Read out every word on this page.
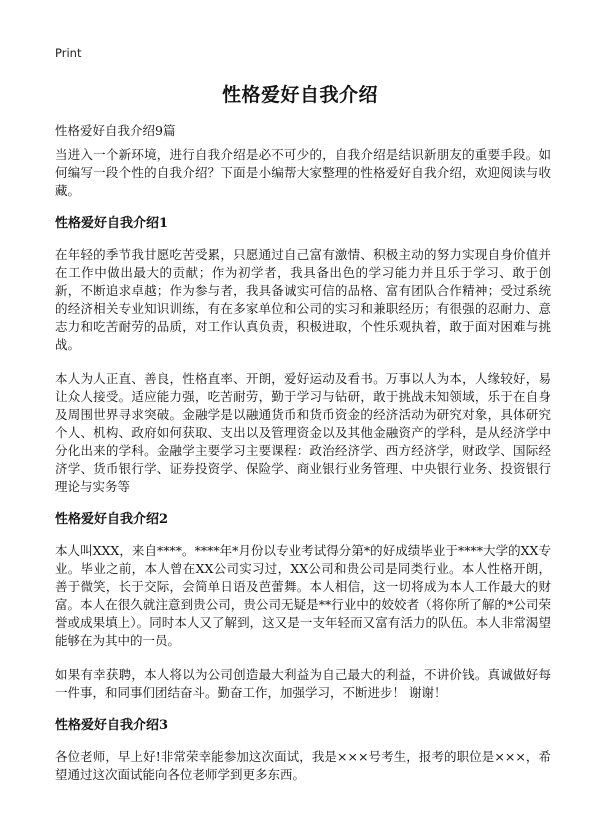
Print
性格爱好自我介绍
性格爱好自我介绍9篇

当进入一个新环境，进行自我介绍是必不可少的，自我介绍是结识新朋友的重要手段。如何编写一段个性的自我介绍？下面是小编帮大家整理的性格爱好自我介绍，欢迎阅读与收藏。

性格爱好自我介绍1

在年轻的季节我甘愿吃苦受累，只愿通过自己富有激情、积极主动的努力实现自身价值并在工作中做出最大的贡献；作为初学者，我具备出色的学习能力并且乐于学习、敢于创新，不断追求卓越；作为参与者，我具备诚实可信的品格、富有团队合作精神；受过系统的经济相关专业知识训练，有在多家单位和公司的实习和兼职经历；有很强的忍耐力、意志力和吃苦耐劳的品质，对工作认真负责，积极进取，个性乐观执着，敢于面对困难与挑战。

本人为人正直、善良，性格直率、开朗，爱好运动及看书。万事以人为本，人缘较好，易让众人接受。适应能力强，吃苦耐劳，勤于学习与钻研，敢于挑战未知领域，乐于在自身及周围世界寻求突破。金融学是以融通货币和货币资金的经济活动为研究对象，具体研究个人、机构、政府如何获取、支出以及管理资金以及其他金融资产的学科，是从经济学中分化出来的学科。金融学主要学习主要课程：政治经济学、西方经济学，财政学、国际经济学、货币银行学、证券投资学、保险学、商业银行业务管理、中央银行业务、投资银行理论与实务等

性格爱好自我介绍2

本人叫XXX，来自****。****年*月份以专业考试得分第*的好成绩毕业于****大学的XX专业。毕业之前，本人曾在XX公司实习过，XX公司和贵公司是同类行业。本人性格开朗，善于微笑，长于交际，会简单日语及芭蕾舞。本人相信，这一切将成为本人工作最大的财富。本人在很久就注意到贵公司，贵公司无疑是**行业中的姣姣者（将你所了解的*公司荣誉或成果填上）。同时本人又了解到，这又是一支年轻而又富有活力的队伍。本人非常渴望能够在为其中的一员。

如果有幸获聘，本人将以为公司创造最大利益为自己最大的利益，不讲价钱。真诚做好每一件事，和同事们团结奋斗。勤奋工作，加强学习，不断进步！ 谢谢！

性格爱好自我介绍3

各位老师，早上好!非常荣幸能参加这次面试，我是×××号考生，报考的职位是×××，希望通过这次面试能向各位老师学到更多东西。
